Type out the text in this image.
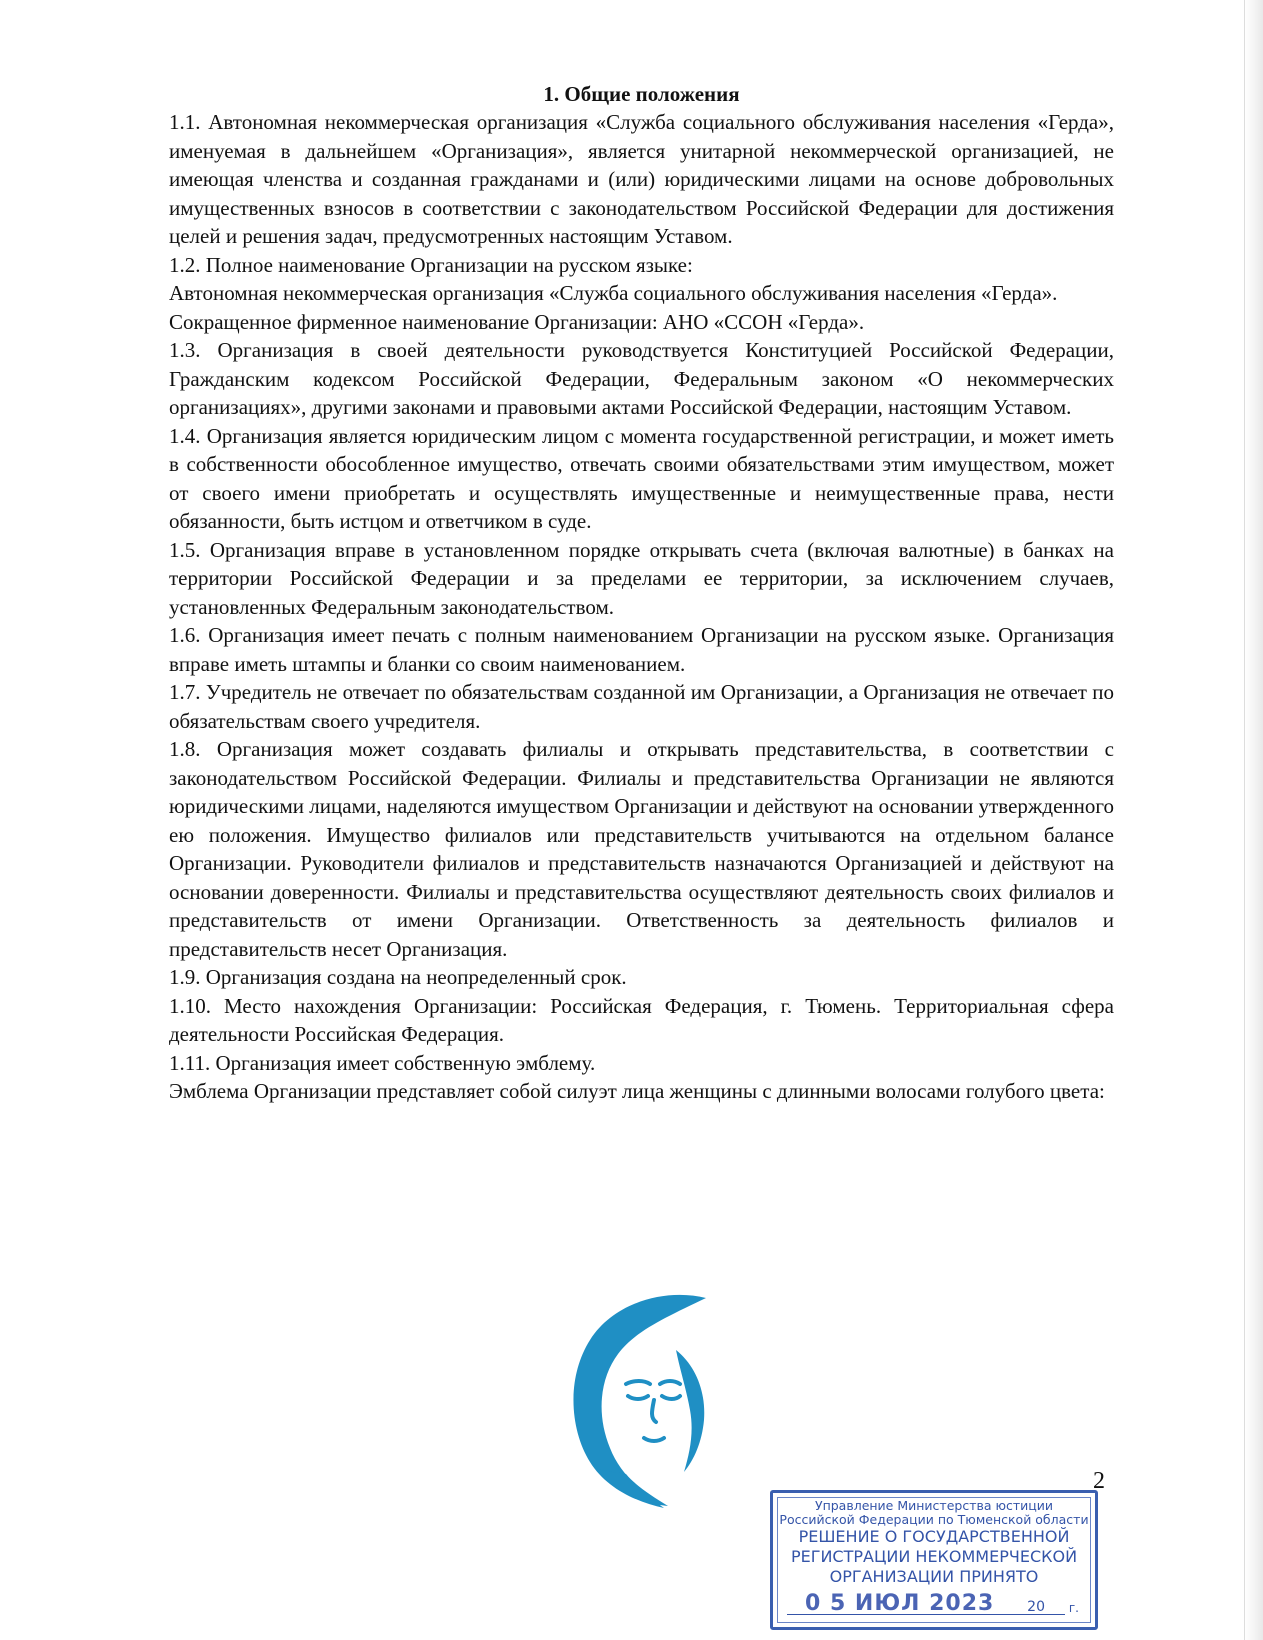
1. Общие положения

1.1. Автономная некоммерческая организация «Служба социального обслуживания населения «Герда», именуемая в дальнейшем «Организация», является унитарной некоммерческой организацией, не имеющая членства и созданная гражданами и (или) юридическими лицами на основе добровольных имущественных взносов в соответствии с законодательством Российской Федерации для достижения целей и решения задач, предусмотренных настоящим Уставом.

1.2. Полное наименование Организации на русском языке:

Автономная некоммерческая организация «Служба социального обслуживания населения «Герда».

Сокращенное фирменное наименование Организации: АНО «ССОН «Герда».

1.3. Организация в своей деятельности руководствуется Конституцией Российской Федерации, Гражданским кодексом Российской Федерации, Федеральным законом «О некоммерческих организациях», другими законами и правовыми актами Российской Федерации, настоящим Уставом.

1.4. Организация является юридическим лицом с момента государственной регистрации, и может иметь в собственности обособленное имущество, отвечать своими обязательствами этим имуществом, может от своего имени приобретать и осуществлять имущественные и неимущественные права, нести обязанности, быть истцом и ответчиком в суде.

1.5. Организация вправе в установленном порядке открывать счета (включая валютные) в банках на территории Российской Федерации и за пределами ее территории, за исключением случаев, установленных Федеральным законодательством.

1.6. Организация имеет печать с полным наименованием Организации на русском языке. Организация вправе иметь штампы и бланки со своим наименованием.

1.7. Учредитель не отвечает по обязательствам созданной им Организации, а Организация не отвечает по обязательствам своего учредителя.

1.8. Организация может создавать филиалы и открывать представительства, в соответствии с законодательством Российской Федерации. Филиалы и представительства Организации не являются юридическими лицами, наделяются имуществом Организации и действуют на основании утвержденного ею положения. Имущество филиалов или представительств учитываются на отдельном балансе Организации. Руководители филиалов и представительств назначаются Организацией и действуют на основании доверенности. Филиалы и представительства осуществляют деятельность своих филиалов и представительств от имени Организации. Ответственность за деятельность филиалов и представительств несет Организация.

1.9. Организация создана на неопределенный срок.

1.10. Место нахождения Организации: Российская Федерация, г. Тюмень. Территориальная сфера деятельности Российская Федерация.

1.11. Организация имеет собственную эмблему.

Эмблема Организации представляет собой силуэт лица женщины с длинными волосами голубого цвета:

2
Управление Министерства юстиции
Российской Федерации по Тюменской области
РЕШЕНИЕ О ГОСУДАРСТВЕННОЙ
РЕГИСТРАЦИИ НЕКОММЕРЧЕСКОЙ
ОРГАНИЗАЦИИ ПРИНЯТО
0 5 ИЮЛ 2023 20 г.
